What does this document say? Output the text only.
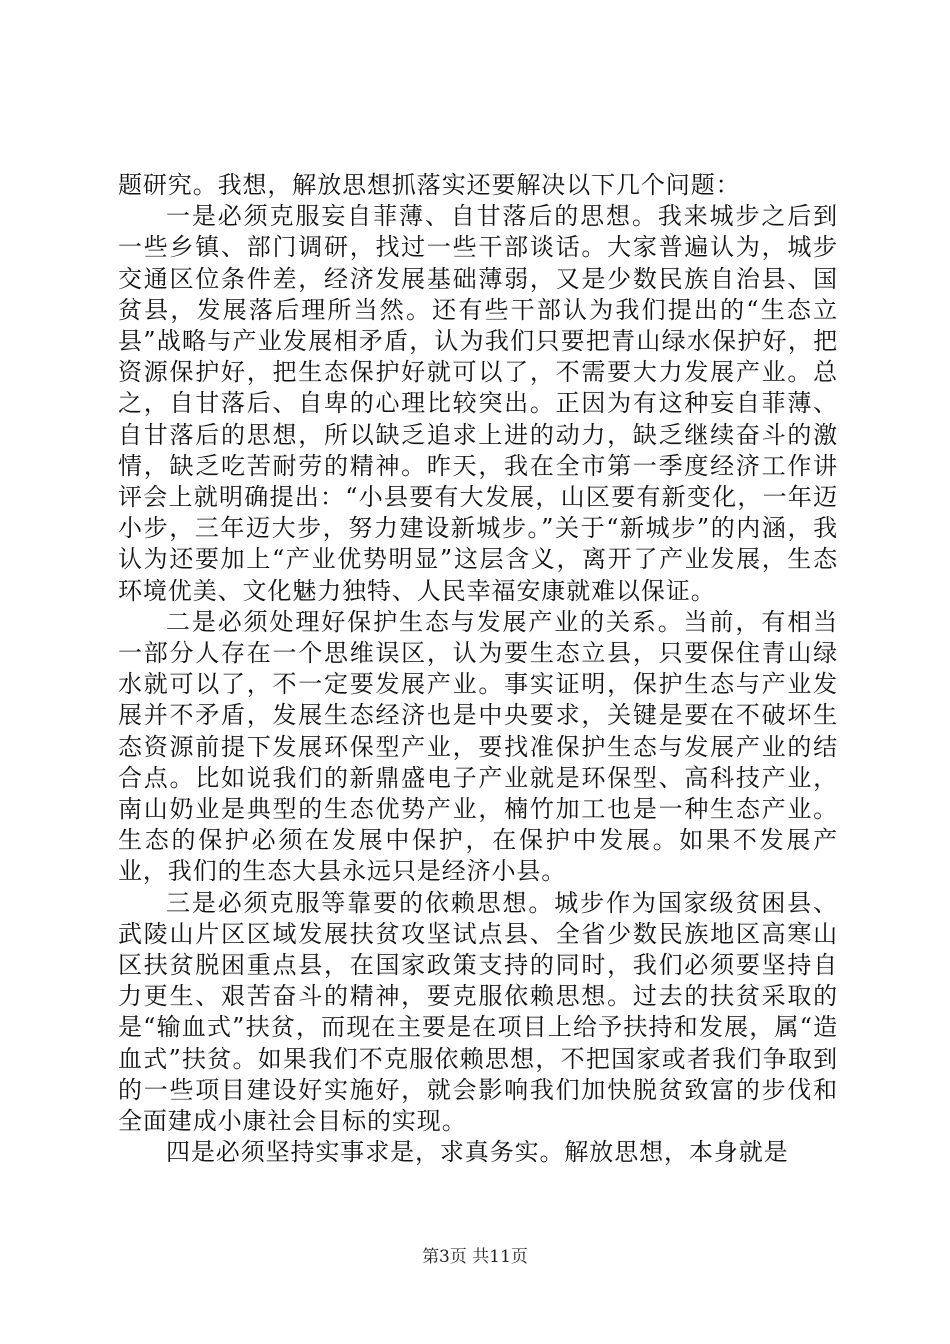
题研究。我想，解放思想抓落实还要解决以下几个问题：

一是必须克服妄自菲薄、自甘落后的思想。我来城步之后到一些乡镇、部门调研，找过一些干部谈话。大家普遍认为，城步交通区位条件差，经济发展基础薄弱，又是少数民族自治县、国贫县，发展落后理所当然。还有些干部认为我们提出的“生态立县”战略与产业发展相矛盾，认为我们只要把青山绿水保护好，把资源保护好，把生态保护好就可以了，不需要大力发展产业。总之，自甘落后、自卑的心理比较突出。正因为有这种妄自菲薄、自甘落后的思想，所以缺乏追求上进的动力，缺乏继续奋斗的激情，缺乏吃苦耐劳的精神。昨天，我在全市第一季度经济工作讲评会上就明确提出：“小县要有大发展，山区要有新变化，一年迈小步，三年迈大步，努力建设新城步。”关于“新城步”的内涵，我认为还要加上“产业优势明显”这层含义，离开了产业发展，生态环境优美、文化魅力独特、人民幸福安康就难以保证。

二是必须处理好保护生态与发展产业的关系。当前，有相当一部分人存在一个思维误区，认为要生态立县，只要保住青山绿水就可以了，不一定要发展产业。事实证明，保护生态与产业发展并不矛盾，发展生态经济也是中央要求，关键是要在不破坏生态资源前提下发展环保型产业，要找准保护生态与发展产业的结合点。比如说我们的新鼎盛电子产业就是环保型、高科技产业，南山奶业是典型的生态优势产业，楠竹加工也是一种生态产业。生态的保护必须在发展中保护，在保护中发展。如果不发展产业，我们的生态大县永远只是经济小县。

三是必须克服等靠要的依赖思想。城步作为国家级贫困县、武陵山片区区域发展扶贫攻坚试点县、全省少数民族地区高寒山区扶贫脱困重点县，在国家政策支持的同时，我们必须要坚持自力更生、艰苦奋斗的精神，要克服依赖思想。过去的扶贫采取的是“输血式”扶贫，而现在主要是在项目上给予扶持和发展，属“造血式”扶贫。如果我们不克服依赖思想，不把国家或者我们争取到的一些项目建设好实施好，就会影响我们加快脱贫致富的步伐和全面建成小康社会目标的实现。

四是必须坚持实事求是，求真务实。解放思想，本身就是

第3页 共11页
